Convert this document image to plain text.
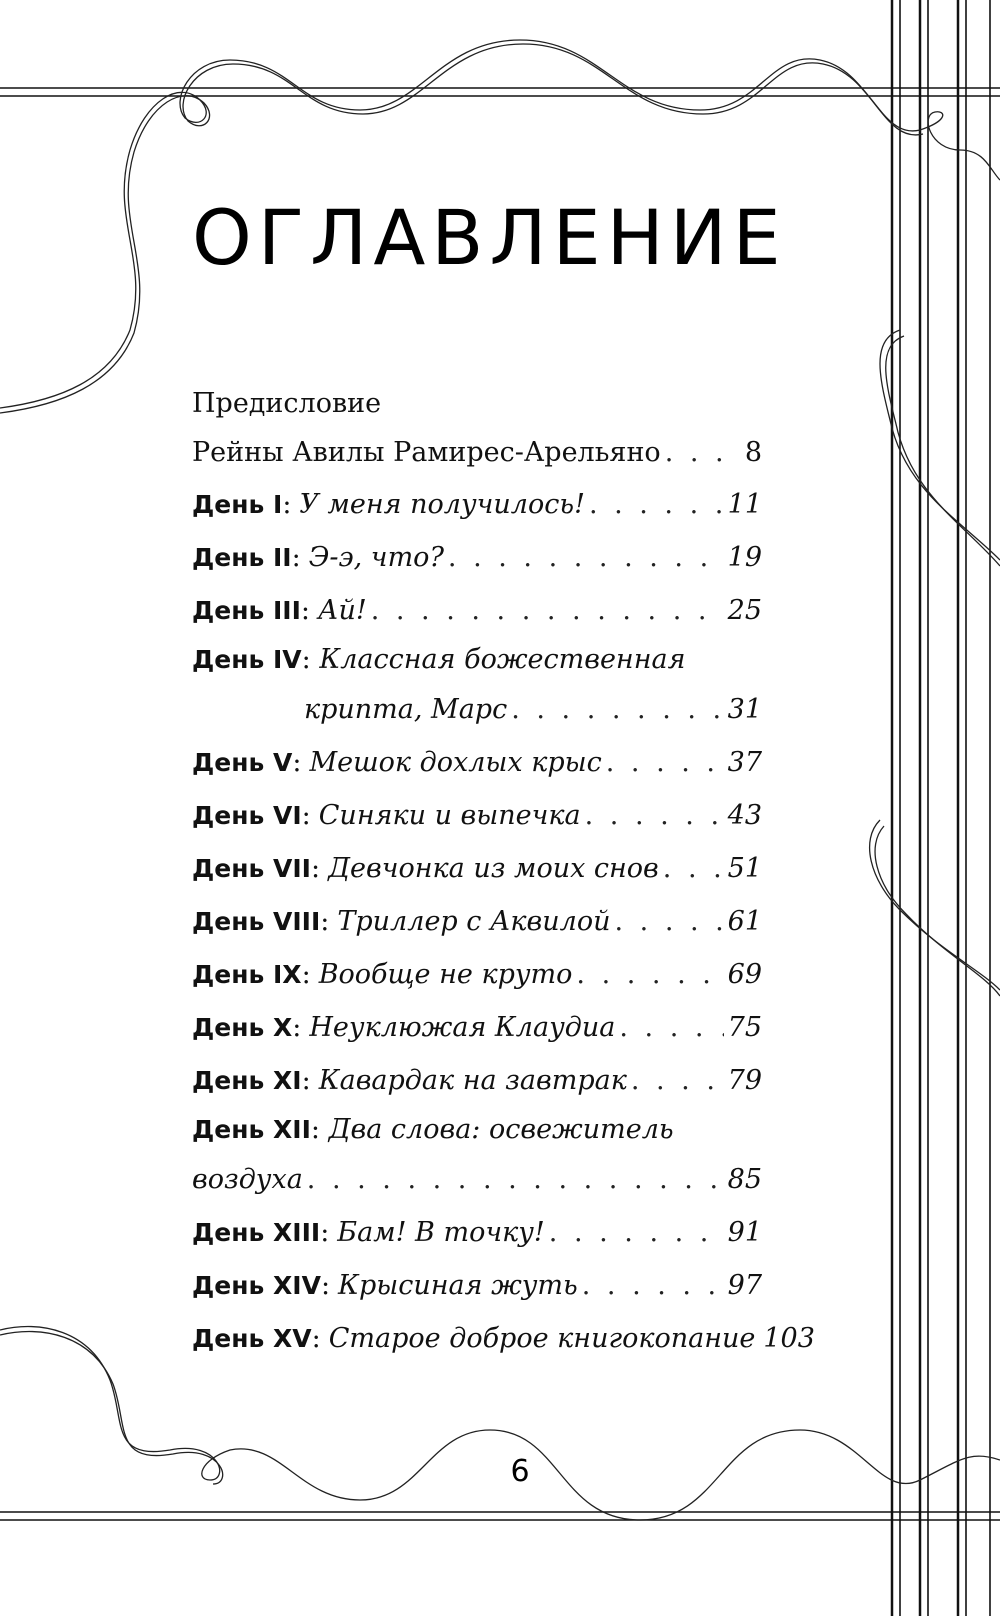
ОГЛАВЛЕНИЕ
Предисловие
Рейны Авилы Рамирес-Арельяно . . .	8
День I : У меня получилось! . . .	11
День II : Э-э, что? . . .	19
День III : Ай! . . .	25
День IV: Классная божественная
крипта, Марс . . .	31
День V : Мешок дохлых крыс . . .	37
День VI : Синяки и выпечка . . .	43
День VII : Девчонка из моих снов . . .	51
День VIII : Триллер с Аквилой . . .	61
День IX : Вообще не круто . . .	69
День X : Неуклюжая Клаудиа . . .	75
День XI : Кавардак на завтрак . . .	79
День XII: Два слова: освежитель
воздуха . . .	85
День XIII : Бам! В точку! . . .	91
День XIV : Крысиная жуть . . .	97
День XV : Старое доброе книгокопание 103
6
